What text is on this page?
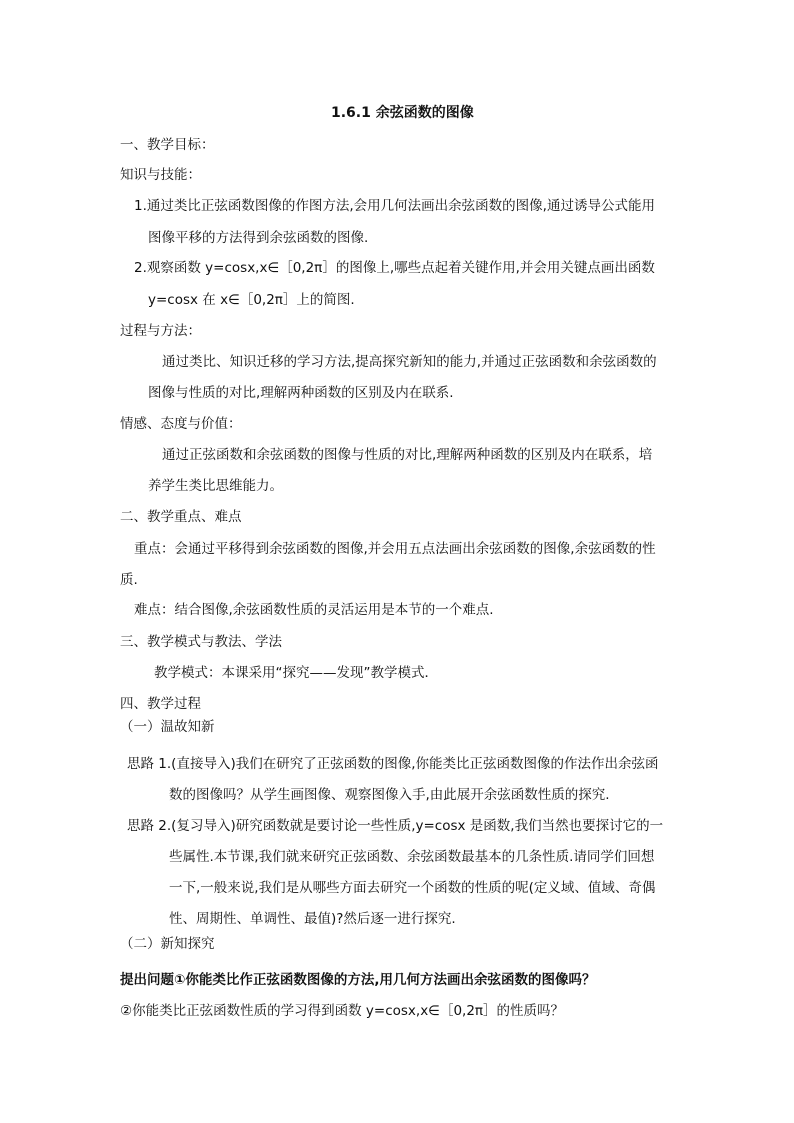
1.6.1 余弦函数的图像
一、教学目标：
知识与技能：
1.通过类比正弦函数图像的作图方法,会用几何法画出余弦函数的图像,通过诱导公式能用
图像平移的方法得到余弦函数的图像.
2.观察函数 y=cosx,x∈［0,2π］的图像上,哪些点起着关键作用,并会用关键点画出函数
y=cosx 在 x∈［0,2π］上的简图.
过程与方法：
通过类比、知识迁移的学习方法,提高探究新知的能力,并通过正弦函数和余弦函数的
图像与性质的对比,理解两种函数的区别及内在联系.
情感、态度与价值：
通过正弦函数和余弦函数的图像与性质的对比,理解两种函数的区别及内在联系，培
养学生类比思维能力。
二、教学重点、难点
重点：会通过平移得到余弦函数的图像,并会用五点法画出余弦函数的图像,余弦函数的性
质.
难点：结合图像,余弦函数性质的灵活运用是本节的一个难点.
三、教学模式与教法、学法
教学模式：本课采用“探究——发现”教学模式．
四、教学过程
（一）温故知新
思路 1.(直接导入)我们在研究了正弦函数的图像,你能类比正弦函数图像的作法作出余弦函
数的图像吗？从学生画图像、观察图像入手,由此展开余弦函数性质的探究.
思路 2.(复习导入)研究函数就是要讨论一些性质,y=cosx 是函数,我们当然也要探讨它的一
些属性.本节课,我们就来研究正弦函数、余弦函数最基本的几条性质.请同学们回想
一下,一般来说,我们是从哪些方面去研究一个函数的性质的呢(定义域、值域、奇偶
性、周期性、单调性、最值)?然后逐一进行探究.
（二）新知探究
提出问题①你能类比作正弦函数图像的方法,用几何方法画出余弦函数的图像吗？
②你能类比正弦函数性质的学习得到函数 y=cosx,x∈［0,2π］的性质吗？
